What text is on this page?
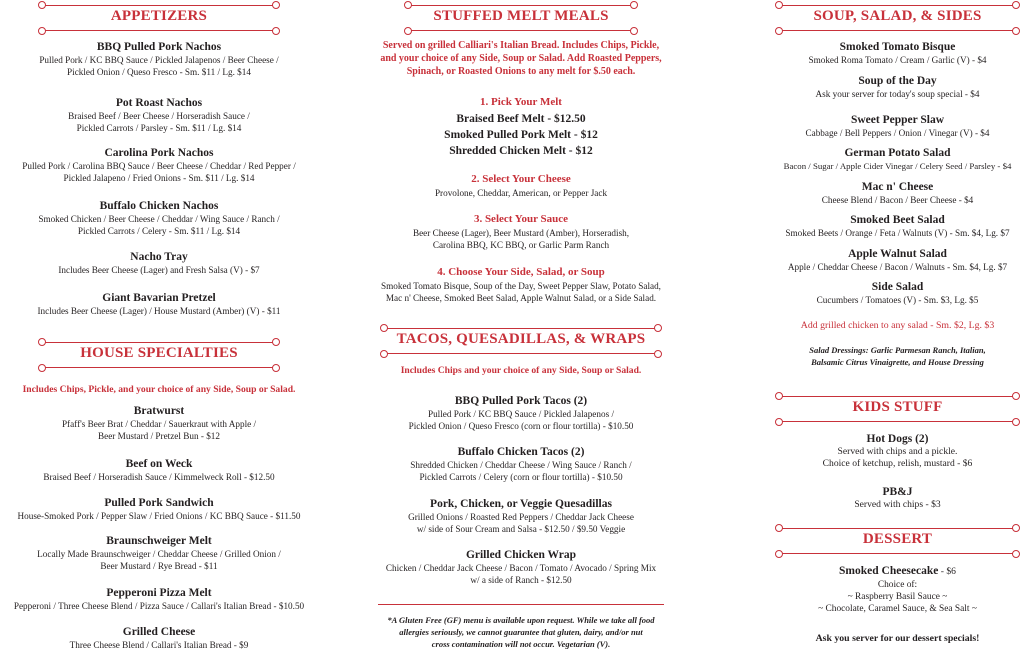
APPETIZERS
BBQ Pulled Pork Nachos
Pulled Pork / KC BBQ Sauce / Pickled Jalapenos / Beer Cheese /
Pickled Onion / Queso Fresco - Sm. $11 / Lg. $14
Pot Roast Nachos
Braised Beef / Beer Cheese / Horseradish Sauce /
Pickled Carrots / Parsley - Sm. $11 / Lg. $14
Carolina Pork Nachos
Pulled Pork / Carolina BBQ Sauce / Beer Cheese / Cheddar / Red Pepper /
Pickled Jalapeno / Fried Onions - Sm. $11 / Lg. $14
Buffalo Chicken Nachos
Smoked Chicken / Beer Cheese / Cheddar / Wing Sauce / Ranch /
Pickled Carrots / Celery - Sm. $11 / Lg. $14
Nacho Tray
Includes Beer Cheese (Lager) and Fresh Salsa (V) - $7
Giant Bavarian Pretzel
Includes Beer Cheese (Lager) / House Mustard (Amber) (V) - $11
HOUSE SPECIALTIES
Includes Chips, Pickle, and your choice of any Side, Soup or Salad.
Bratwurst
Pfaff's Beer Brat / Cheddar / Sauerkraut with Apple /
Beer Mustard / Pretzel Bun - $12
Beef on Weck
Braised Beef / Horseradish Sauce / Kimmelweck Roll - $12.50
Pulled Pork Sandwich
House-Smoked Pork / Pepper Slaw / Fried Onions / KC BBQ Sauce - $11.50
Braunschweiger Melt
Locally Made Braunschweiger / Cheddar Cheese / Grilled Onion /
Beer Mustard / Rye Bread - $11
Pepperoni Pizza Melt
Pepperoni / Three Cheese Blend / Pizza Sauce / Callari's Italian Bread - $10.50
Grilled Cheese
Three Cheese Blend / Callari's Italian Bread - $9
STUFFED MELT MEALS
Served on grilled Calliari's Italian Bread. Includes Chips, Pickle,
and your choice of any Side, Soup or Salad. Add Roasted Peppers,
Spinach, or Roasted Onions to any melt for $.50 each.
1. Pick Your Melt
Braised Beef Melt - $12.50
Smoked Pulled Pork Melt - $12
Shredded Chicken Melt - $12
2. Select Your Cheese
Provolone, Cheddar, American, or Pepper Jack
3. Select Your Sauce
Beer Cheese (Lager), Beer Mustard (Amber), Horseradish,
Carolina BBQ, KC BBQ, or Garlic Parm Ranch
4. Choose Your Side, Salad, or Soup
Smoked Tomato Bisque, Soup of the Day, Sweet Pepper Slaw, Potato Salad,
Mac n' Cheese, Smoked Beet Salad, Apple Walnut Salad, or a Side Salad.
TACOS, QUESADILLAS, & WRAPS
Includes Chips and your choice of any Side, Soup or Salad.
BBQ Pulled Pork Tacos (2)
Pulled Pork / KC BBQ Sauce / Pickled Jalapenos /
Pickled Onion / Queso Fresco (corn or flour tortilla) - $10.50
Buffalo Chicken Tacos (2)
Shredded Chicken / Cheddar Cheese / Wing Sauce / Ranch /
Pickled Carrots / Celery (corn or flour tortilla) - $10.50
Pork, Chicken, or Veggie Quesadillas
Grilled Onions / Roasted Red Peppers / Cheddar Jack Cheese
w/ side of Sour Cream and Salsa - $12.50 / $9.50 Veggie
Grilled Chicken Wrap
Chicken / Cheddar Jack Cheese / Bacon / Tomato / Avocado / Spring Mix
w/ a side of Ranch - $12.50
*A Gluten Free (GF) menu is available upon request. While we take all food
allergies seriously, we cannot guarantee that gluten, dairy, and/or nut
cross contamination will not occur. Vegetarian (V).
SOUP, SALAD, & SIDES
Smoked Tomato Bisque
Smoked Roma Tomato / Cream / Garlic (V) - $4
Soup of the Day
Ask your server for today's soup special - $4
Sweet Pepper Slaw
Cabbage / Bell Peppers / Onion / Vinegar (V) - $4
German Potato Salad
Bacon / Sugar / Apple Cider Vinegar / Celery Seed / Parsley - $4
Mac n' Cheese
Cheese Blend / Bacon / Beer Cheese - $4
Smoked Beet Salad
Smoked Beets / Orange / Feta / Walnuts (V) - Sm. $4, Lg. $7
Apple Walnut Salad
Apple / Cheddar Cheese / Bacon / Walnuts - Sm. $4, Lg. $7
Side Salad
Cucumbers / Tomatoes (V) - Sm. $3, Lg. $5
Add grilled chicken to any salad - Sm. $2, Lg. $3
Salad Dressings: Garlic Parmesan Ranch, Italian,
Balsamic Citrus Vinaigrette, and House Dressing
KIDS STUFF
Hot Dogs (2)
Served with chips and a pickle.
Choice of ketchup, relish, mustard - $6
PB&J
Served with chips - $3
DESSERT
Smoked Cheesecake - $6
Choice of:
~ Raspberry Basil Sauce ~
~ Chocolate, Caramel Sauce, & Sea Salt ~
Ask you server for our dessert specials!
